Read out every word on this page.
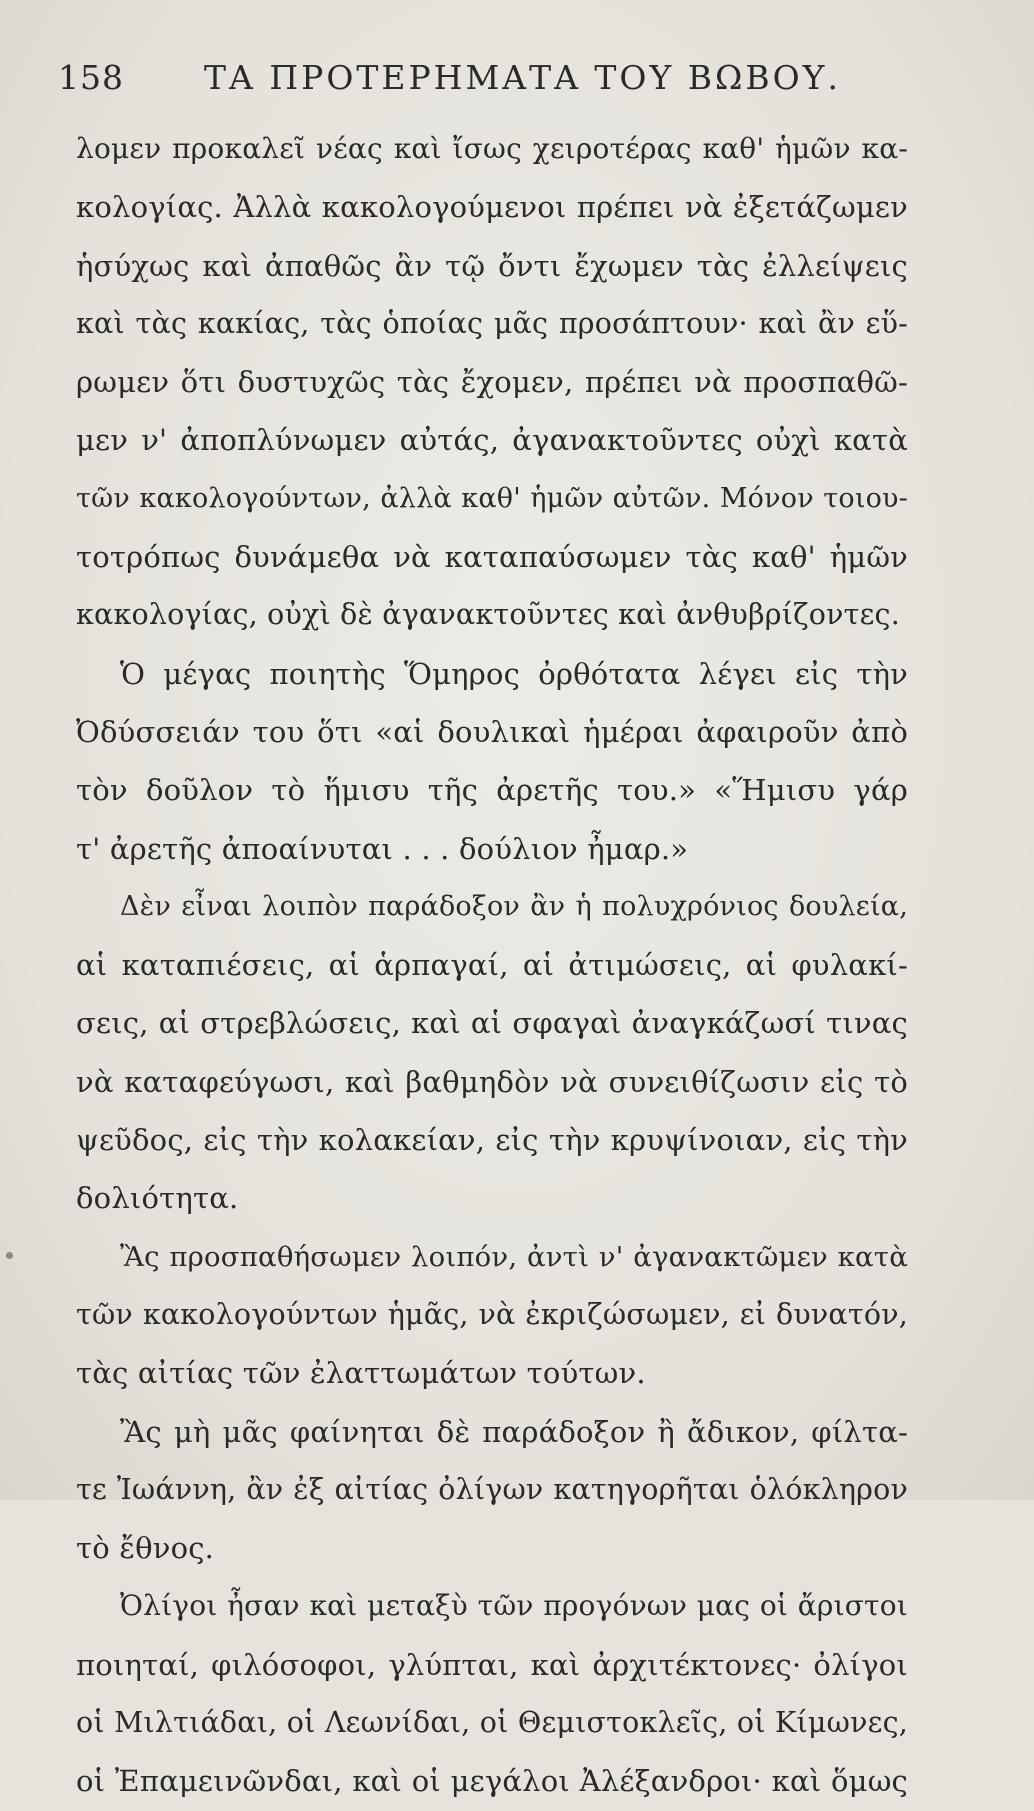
158 ΤΑ ΠΡΟΤΕΡΗΜΑΤΑ ΤΟΥ ΒΩΒΟΥ.
λομεν προκαλεῖ νέας καὶ ἴσως χειροτέρας καθ' ἡμῶν κα-
κολογίας. Ἀλλὰ κακολογούμενοι πρέπει νὰ ἐξετάζωμεν
ἡσύχως καὶ ἀπαθῶς ἂν τῷ ὄντι ἔχωμεν τὰς ἐλλείψεις
καὶ τὰς κακίας, τὰς ὁποίας μᾶς προσάπτουν· καὶ ἂν εὕ-
ρωμεν ὅτι δυστυχῶς τὰς ἔχομεν, πρέπει νὰ προσπαθῶ-
μεν ν' ἀποπλύνωμεν αὐτάς, ἀγανακτοῦντες οὐχὶ κατὰ
τῶν κακολογούντων, ἀλλὰ καθ' ἡμῶν αὐτῶν. Μόνον τοιου-
τοτρόπως δυνάμεθα νὰ καταπαύσωμεν τὰς καθ' ἡμῶν
κακολογίας, οὐχὶ δὲ ἀγανακτοῦντες καὶ ἀνθυβρίζοντες.
Ὁ μέγας ποιητὴς Ὅμηρος ὀρθότατα λέγει εἰς τὴν
Ὀδύσσειάν του ὅτι «αἱ δουλικαὶ ἡμέραι ἀφαιροῦν ἀπὸ
τὸν δοῦλον τὸ ἥμισυ τῆς ἀρετῆς του.» «Ἥμισυ γάρ
τ' ἀρετῆς ἀποαίνυται . . . δούλιον ἦμαρ.»
Δὲν εἶναι λοιπὸν παράδοξον ἂν ἡ πολυχρόνιος δουλεία,
αἱ καταπιέσεις, αἱ ἁρπαγαί, αἱ ἀτιμώσεις, αἱ φυλακί-
σεις, αἱ στρεβλώσεις, καὶ αἱ σφαγαὶ ἀναγκάζωσί τινας
νὰ καταφεύγωσι, καὶ βαθμηδὸν νὰ συνειθίζωσιν εἰς τὸ
ψεῦδος, εἰς τὴν κολακείαν, εἰς τὴν κρυψίνοιαν, εἰς τὴν
δολιότητα.
Ἂς προσπαθήσωμεν λοιπόν, ἀντὶ ν' ἀγανακτῶμεν κατὰ
τῶν κακολογούντων ἡμᾶς, νὰ ἐκριζώσωμεν, εἰ δυνατόν,
τὰς αἰτίας τῶν ἐλαττωμάτων τούτων.
Ἂς μὴ μᾶς φαίνηται δὲ παράδοξον ἢ ἄδικον, φίλτα-
τε Ἰωάννη, ἂν ἐξ αἰτίας ὀλίγων κατηγορῆται ὁλόκληρον
τὸ ἔθνος.
Ὀλίγοι ἦσαν καὶ μεταξὺ τῶν προγόνων μας οἱ ἄριστοι
ποιηταί, φιλόσοφοι, γλύπται, καὶ ἀρχιτέκτονες· ὀλίγοι
οἱ Μιλτιάδαι, οἱ Λεωνίδαι, οἱ Θεμιστοκλεῖς, οἱ Κίμωνες,
οἱ Ἐπαμεινῶνδαι, καὶ οἱ μεγάλοι Ἀλέξανδροι· καὶ ὅμως
